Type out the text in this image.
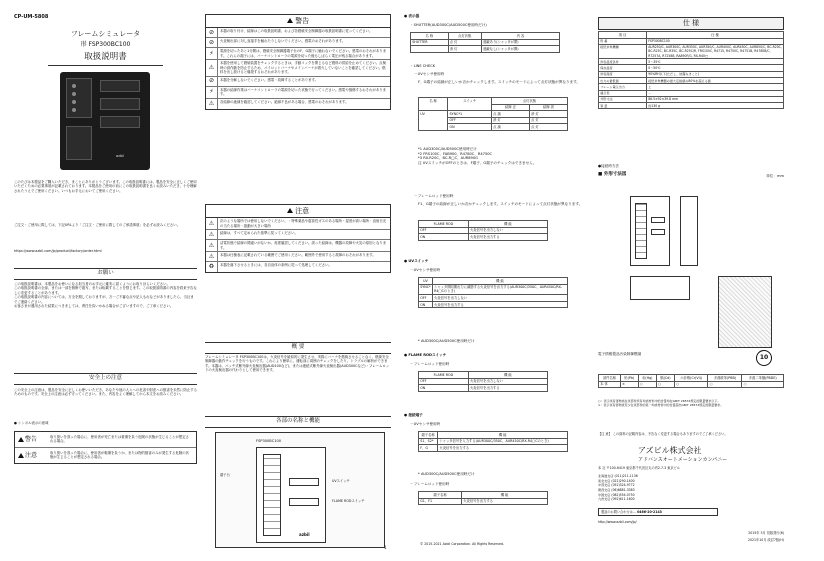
CP-UM-5808
フレームシミュレータ
形 FSP300BC100
取扱説明書
azbil
このたびは本製品をご購入いただき、まことにありがとうございます。この取扱説明書には、製品を安全に正しくご使用いただくための必要事項が記載されております。本製品をご使用の前にこの取扱説明書を良くお読みいただき、十分理解されたうえでご使用ください。いつもお手元においてご使用ください。
ご注文・ご使用に際しては、下記URLより「ご注文・ご使用に際してのご承諾事項」を必ずお読みください。
https://www.azbil.com/jp/product/factory/order.html
お願い
この取扱説明書は、本製品をお使いになる担当者のお手元に確実に届くようにお取り計らいください。
この取扱説明書の全部、または一部を無断で複写、または転載することを禁じます。この取扱説明書の内容を将来予告なしに変更することがあります。
この取扱説明書の内容については、万全を期しておりますが、万一ご不審な点や記入もれなどがありましたら、当社までご連絡ください。
お客さまが運用された結果につきましては、責任を負いかねる場合がございますので、ご了承ください。
安全上の注意
この安全上の注意は、製品を安全に正しくお使いいただき、あなたや他の人々への危害や財産への損害を未然に防止するためのものです。安全上の注意は必ず守ってください。また、内容をよく理解してから本文をお読みください。
● シンボル表示の意味
警告	取り扱いを誤った場合に、使用者が死亡または重傷を負う危険の状態が生じることが想定される場合。
注意	取り扱いを誤った場合に、使用者が軽傷を負うか、または物的損害のみが発生する危険の状態が生じることが想定される場合。
警告
⊘	本器の取り付け、結線はこの取扱説明書、および各燃焼安全制御器の取扱説明書に従ってください。
⊘	火炎検出部に対し直接手を触れたりしないでください。感電のおそれがあります。
⚡	電源を切ったあと1分間は、燃焼安全制御器端子台のF、G端子に触れないでください。感電のおそれがあります。これらの端子には、バーナコントローラの電源を切った後もしばらく電圧が残る場合があります。
⚠
本器を使用して燃焼装置をチェックするときは、手動コックを閉じるなど燃料の供給を止めてください。点検時の誤作動を防止するため、パイロットバーナやメインバーナが着火していないことを確認してください。燃料を出し続けると爆発するおそれがあります。
⊘	本器を分解しないでください。感電・故障することがあります。
⚡	本器の結線作業はバーナコントローラの電源を切った状態で行ってください。感電や損傷するおそれがあります。
⚠	各結線の絶縁を確認してください。絶縁不良がある場合、感電のおそれがあります。
注意
⚠	次のような場所では使用しないでください。・特殊薬品や腐食性ガスのある場所・湿度が高い場所・直射日光の当たる場所・振動が大きい場所
⚠	結線は、すべて定められた基準に従ってください。
⚠	活電状態で結線の間違いがないか、再度確認してください。誤った結線は、機器の故障や火災の原因となります。
⚠	本器は仕様表に記載されている範囲でご使用ください。範囲外で使用すると故障のおそれがあります。
♻	本器を落下させるときには、各自治体の条例に従って処理してください。
概 要
フレームシミュレータ FSP300BC100は、火炎信号を疑似的に発生させ、実際にバーナを燃焼させることなく、燃焼安全制御器の動作チェックを行うものです。これにより簡単に、運転前に周囲のチェックをしたり、トラブルの解析ができます。本器は、パッチ式紫外線火炎検出器(AUD100など)、または連続式紫外線火炎検出器(AUD300Cなど)・フレームロッドの火炎検出器の代わりとして使用できます。
各部の名称と機能
FSP300BC100
azbil
端子台
UVスイッチ
FLAME RODスイッチ
● 表示器
・SHUTTER(AUD300C/AUD500C使用時だけ)
名 称	点灯状態	内 容
SHUTTER	点 灯	遮蔽あり(シャッタが閉)
	消 灯	遮蔽なし(シャッタが開)
・LINE CHECK
－UVセンサ使用時
F、G端子の結線が正しいか否かチェックします。スイッチのモードによって点灯状態が異なります。
名 称	スイッチ	点灯状態	
		結線 正	結線 誤
UV	SYNC*1	点 滅	消 灯
	OFF	消 灯	点 灯
	ON	点 滅	点 灯
*1 AUD300C/AUD500C使用時だけ
*2 FRS100C、FAB900、R4780C、R4750C
*3 RX-R20C、BC-R□C、AUR890G
注 UVスイッチがOFFのときは、F端子、G端子のチェックはできません。
－フレームロッド使用時
F1、G端子の結線が正しいか否かチェックします。スイッチのモードによって点灯状態が異なります。
FLAME ROD	機 能
OFF	火炎信号を出力しない
ON	火炎信号を出力する
● UVスイッチ
－UVセンサ使用時
UV	機 能
SYNC*	シャッタ開同期出力に調節する火炎信号を出力する(AUR300C/350C、AUR450C/RX-R4□Cのとき)
OFF	火炎信号を出力しない
ON	火炎信号を出力する
* AUD300C/AUD500C使用時だけ
● FLAME RODスイッチ
－フレームロッド使用時
FLAME ROD	機 能
OFF	火炎信号を出力しない
ON	火炎信号を出力する
● 接続端子
－UVセンサ使用時
端子名称	機 能
S1、S2*	シャッタ信号を入力する(AUR300C/350C、AUR450C/RX-R4□Cのとき)
F、G	火炎信号を出力する
* AUD300C/AUD500C使用時だけ
－フレームロッド使用時
端子名称	機 能
G1、F1	火炎信号を出力する
1
仕 様
項 目	仕 様
形 番	FSP300BC100
接続対象機種	AUR250/C, AUR300C, AUR350C, AUR350/C, AUR400C, AUR450C, AUR850/C, BC-R20C, BC-R25C, BC-R35C, BC-R25C/R, FRS100C, R4715, R4750C, R4751B, R4780B/C, R7257A, R7258B, RA890F/G, RX-R40□
許容温度条件	5～35℃
保存温度	0～50℃
許容湿度	90%RH以下(ただし、結露なきこと)
出力の最低値	接続対象機器の最大定格値の80%を超える値
フレーム電圧出力	上
適合表	－
外形寸法	86.5×92×39.8 mm
質 量	約130 g
●接続時方法
■ 外形寸法図	単位：mm
電子情報製品汚染制御標識	10
部件名称	铅(Pb)	汞(Hg)	镉(Cd)	六价铬(Cr(VI))	多溴联苯(PBB)	多溴二苯醚(PBDE)
本 体	×	○	○	○	○	○
○：表示该有害物质在该部件所有均质材料中的含量均在GB/T 26572规定的限量要求以下。
×：表示该有害物质至少在该部件的某一均质材料中的含量超出GB/T 26572规定的限量要求。
【注 意】 この資料の記載内容は、予告なく変更する場合もありますのでご了承ください。
アズビル株式会社
アドバンスオートメーションカンパニー
本 社 〒100-6419 東京都千代田区丸の内2-7-3 東京ビル
北海道支店 (011)211-1136
東北支店 (022)290-1400
中部支店 (052)324-9772
関西支店 (06)6881-3383
中国支店 (082)554-0750
九州支店 (092)611-1600
製品のお問い合わせは… 0466-20-2143
http://www.azbil.com/jp/
2015年 3月 初版発行(6)
2021年10月 改訂7版(H)
© 2015-2021 Azbil Corporation. All Rights Reserved.
